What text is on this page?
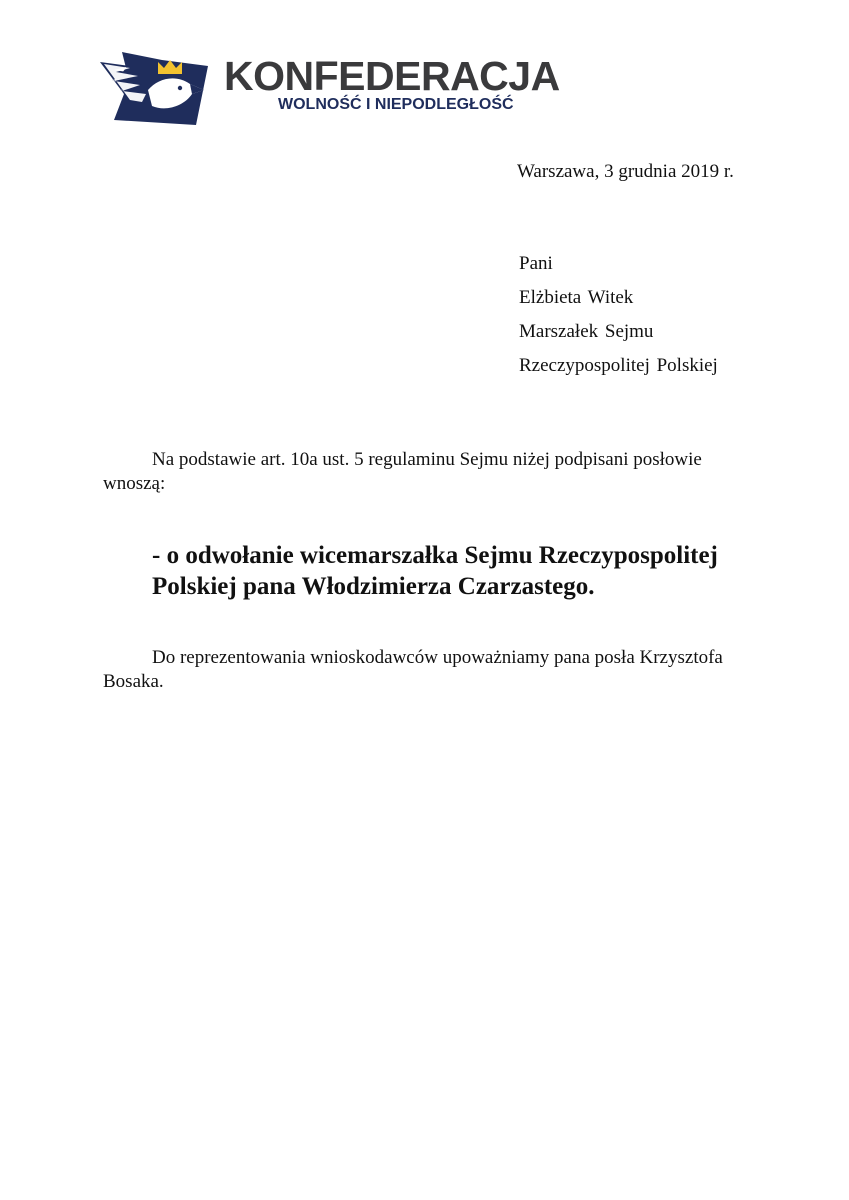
KONFEDERACJA
WOLNOŚĆ I NIEPODLEGŁOŚĆ
Warszawa, 3 grudnia 2019 r.
Pani
Elżbieta Witek
Marszałek Sejmu
Rzeczypospolitej Polskiej

Na podstawie art. 10a ust. 5 regulaminu Sejmu niżej podpisani posłowie wnoszą:

- o odwołanie wicemarszałka Sejmu Rzeczypospolitej Polskiej pana Włodzimierza Czarzastego.

Do reprezentowania wnioskodawców upoważniamy pana posła Krzysztofa Bosaka.
